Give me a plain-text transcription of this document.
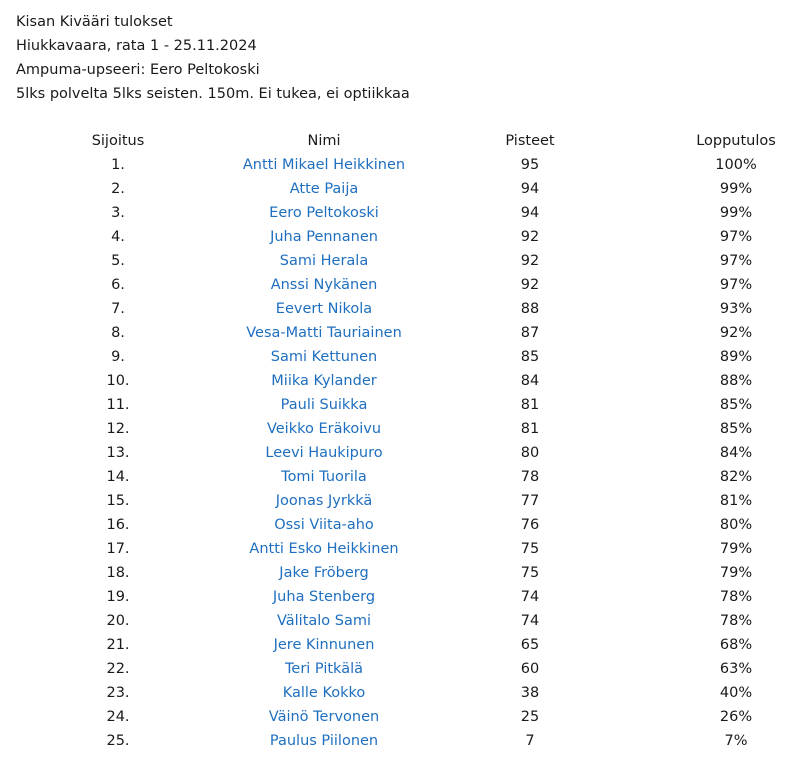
Kisan Kivääri tulokset
Hiukkavaara, rata 1 - 25.11.2024
Ampuma-upseeri: Eero Peltokoski
5lks polvelta 5lks seisten. 150m. Ei tukea, ei optiikkaa
Sijoitus	Nimi	Pisteet	Lopputulos
1.	Antti Mikael Heikkinen	95	100%
2.	Atte Paija	94	99%
3.	Eero Peltokoski	94	99%
4.	Juha Pennanen	92	97%
5.	Sami Herala	92	97%
6.	Anssi Nykänen	92	97%
7.	Eevert Nikola	88	93%
8.	Vesa-Matti Tauriainen	87	92%
9.	Sami Kettunen	85	89%
10.	Miika Kylander	84	88%
11.	Pauli Suikka	81	85%
12.	Veikko Eräkoivu	81	85%
13.	Leevi Haukipuro	80	84%
14.	Tomi Tuorila	78	82%
15.	Joonas Jyrkkä	77	81%
16.	Ossi Viita-aho	76	80%
17.	Antti Esko Heikkinen	75	79%
18.	Jake Fröberg	75	79%
19.	Juha Stenberg	74	78%
20.	Välitalo Sami	74	78%
21.	Jere Kinnunen	65	68%
22.	Teri Pitkälä	60	63%
23.	Kalle Kokko	38	40%
24.	Väinö Tervonen	25	26%
25.	Paulus Piilonen	7	7%
